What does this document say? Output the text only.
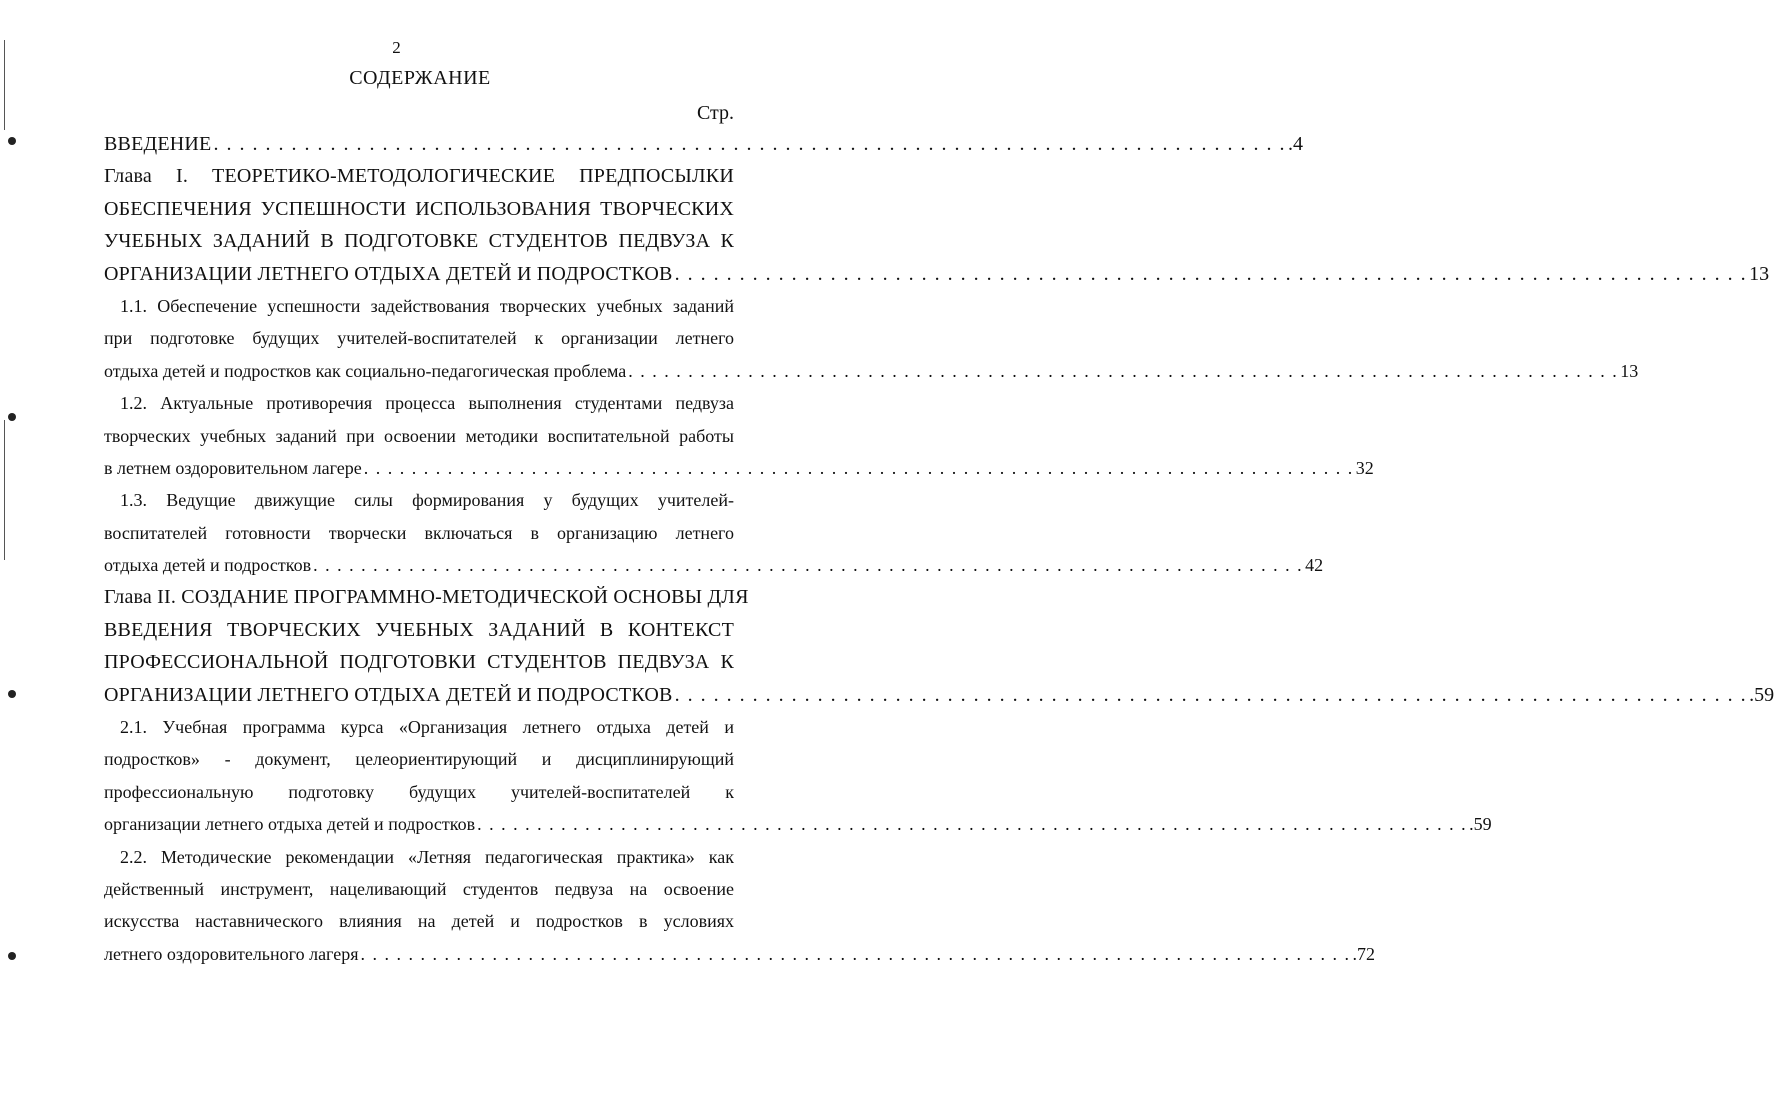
2
СОДЕРЖАНИЕ
Стр.
ВВЕДЕНИЕ . . . . . . . . . . . . . . . . . . . . . . . . . . . . . . . . . . . . . . . . . . . . . . . . . . . . . . . . . . . . . . . . . . . . . . . . . . . . . . . . . . . .4
Глава I. ТЕОРЕТИКО-МЕТОДОЛОГИЧЕСКИЕ ПРЕДПОСЫЛКИ
ОБЕСПЕЧЕНИЯ УСПЕШНОСТИ ИСПОЛЬЗОВАНИЯ ТВОРЧЕСКИХ
УЧЕБНЫХ ЗАДАНИЙ В ПОДГОТОВКЕ СТУДЕНТОВ ПЕДВУЗА К
ОРГАНИЗАЦИИ ЛЕТНЕГО ОТДЫХА ДЕТЕЙ И ПОДРОСТКОВ . . . . . . . . . . . . . . . . . . . . . . . . . . . . . . . . . . . . . . . . . . . . . . . . . . . . . . . . . . . . . . . . . . . . . . . . . . . . . . . . . . . 13
1.1. Обеспечение успешности задействования творческих учебных заданий
при подготовке будущих учителей-воспитателей к организации летнего
отдыха детей и подростков как социально-педагогическая проблема . . . . . . . . . . . . . . . . . . . . . . . . . . . . . . . . . . . . . . . . . . . . . . . . . . . . . . . . . . . . . . . . . . . . . . . . . . . . . . . . . . . 13
1.2. Актуальные противоречия процесса выполнения студентами педвуза
творческих учебных заданий при освоении методики воспитательной работы
в летнем оздоровительном лагере . . . . . . . . . . . . . . . . . . . . . . . . . . . . . . . . . . . . . . . . . . . . . . . . . . . . . . . . . . . . . . . . . . . . . . . . . . . . . . . . . . . 32
1.3. Ведущие движущие силы формирования у будущих учителей-
воспитателей готовности творчески включаться в организацию летнего
отдыха детей и подростков . . . . . . . . . . . . . . . . . . . . . . . . . . . . . . . . . . . . . . . . . . . . . . . . . . . . . . . . . . . . . . . . . . . . . . . . . . . . . . . . . . . 42
Глава II. СОЗДАНИЕ ПРОГРАММНО-МЕТОДИЧЕСКОЙ ОСНОВЫ ДЛЯ
ВВЕДЕНИЯ ТВОРЧЕСКИХ УЧЕБНЫХ ЗАДАНИЙ В КОНТЕКСТ
ПРОФЕССИОНАЛЬНОЙ ПОДГОТОВКИ СТУДЕНТОВ ПЕДВУЗА К
ОРГАНИЗАЦИИ ЛЕТНЕГО ОТДЫХА ДЕТЕЙ И ПОДРОСТКОВ . . . . . . . . . . . . . . . . . . . . . . . . . . . . . . . . . . . . . . . . . . . . . . . . . . . . . . . . . . . . . . . . . . . . . . . . . . . . . . . . . . . .59
2.1. Учебная программа курса «Организация летнего отдыха детей и
подростков» - документ, целеориентирующий и дисциплинирующий
профессиональную подготовку будущих учителей-воспитателей к
организации летнего отдыха детей и подростков . . . . . . . . . . . . . . . . . . . . . . . . . . . . . . . . . . . . . . . . . . . . . . . . . . . . . . . . . . . . . . . . . . . . . . . . . . . . . . . . . . . .59
2.2. Методические рекомендации «Летняя педагогическая практика» как
действенный инструмент, нацеливающий студентов педвуза на освоение
искусства наставнического влияния на детей и подростков в условиях
летнего оздоровительного лагеря . . . . . . . . . . . . . . . . . . . . . . . . . . . . . . . . . . . . . . . . . . . . . . . . . . . . . . . . . . . . . . . . . . . . . . . . . . . . . . . . . . . .72
